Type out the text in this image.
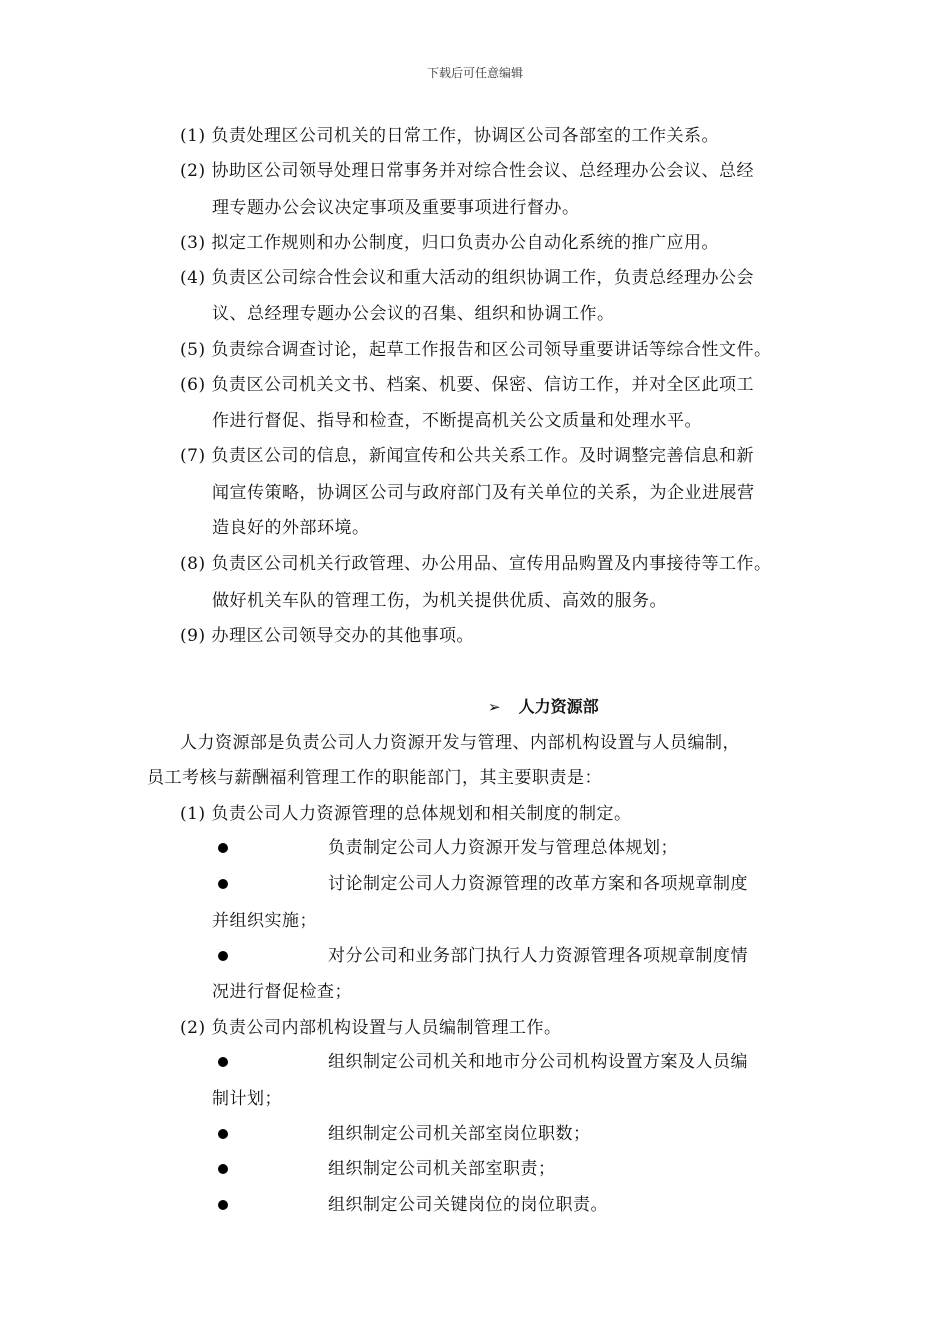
下载后可任意编辑
(1) 负责处理区公司机关的日常工作，协调区公司各部室的工作关系。
(2) 协助区公司领导处理日常事务并对综合性会议、总经理办公会议、总经
理专题办公会议决定事项及重要事项进行督办。
(3) 拟定工作规则和办公制度，归口负责办公自动化系统的推广应用。
(4) 负责区公司综合性会议和重大活动的组织协调工作，负责总经理办公会
议、总经理专题办公会议的召集、组织和协调工作。
(5) 负责综合调查讨论，起草工作报告和区公司领导重要讲话等综合性文件。
(6) 负责区公司机关文书、档案、机要、保密、信访工作，并对全区此项工
作进行督促、指导和检查，不断提高机关公文质量和处理水平。
(7) 负责区公司的信息，新闻宣传和公共关系工作。及时调整完善信息和新
闻宣传策略，协调区公司与政府部门及有关单位的关系，为企业进展营
造良好的外部环境。
(8) 负责区公司机关行政管理、办公用品、宣传用品购置及内事接待等工作。
做好机关车队的管理工伤，为机关提供优质、高效的服务。
(9) 办理区公司领导交办的其他事项。
➢ 人力资源部
人力资源部是负责公司人力资源开发与管理、内部机构设置与人员编制，
员工考核与薪酬福利管理工作的职能部门，其主要职责是：
(1) 负责公司人力资源管理的总体规划和相关制度的制定。
负责制定公司人力资源开发与管理总体规划；
讨论制定公司人力资源管理的改革方案和各项规章制度
并组织实施；
对分公司和业务部门执行人力资源管理各项规章制度情
况进行督促检查；
(2) 负责公司内部机构设置与人员编制管理工作。
组织制定公司机关和地市分公司机构设置方案及人员编
制计划；
组织制定公司机关部室岗位职数；
组织制定公司机关部室职责；
组织制定公司关键岗位的岗位职责。
